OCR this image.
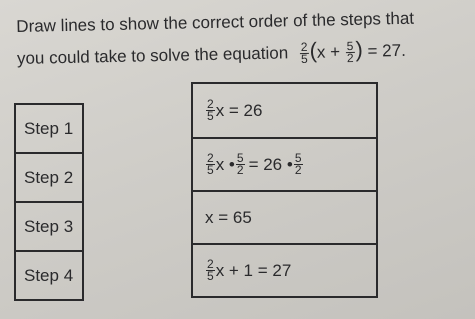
Draw lines to show the correct order of the steps that
you could take to solve the equation $\frac{2}{5} (x + \frac{5}{2}$ ) = 27.
Step 1
Step 2
Step 3
Step 4
$\frac{2}{5}$ x = 26
$\frac{2}{5}$ x • $\frac{5}{2} = 26$ • $\frac{5}{2}$
x = 65
$\frac{2}{5}$ x + 1 = 27
